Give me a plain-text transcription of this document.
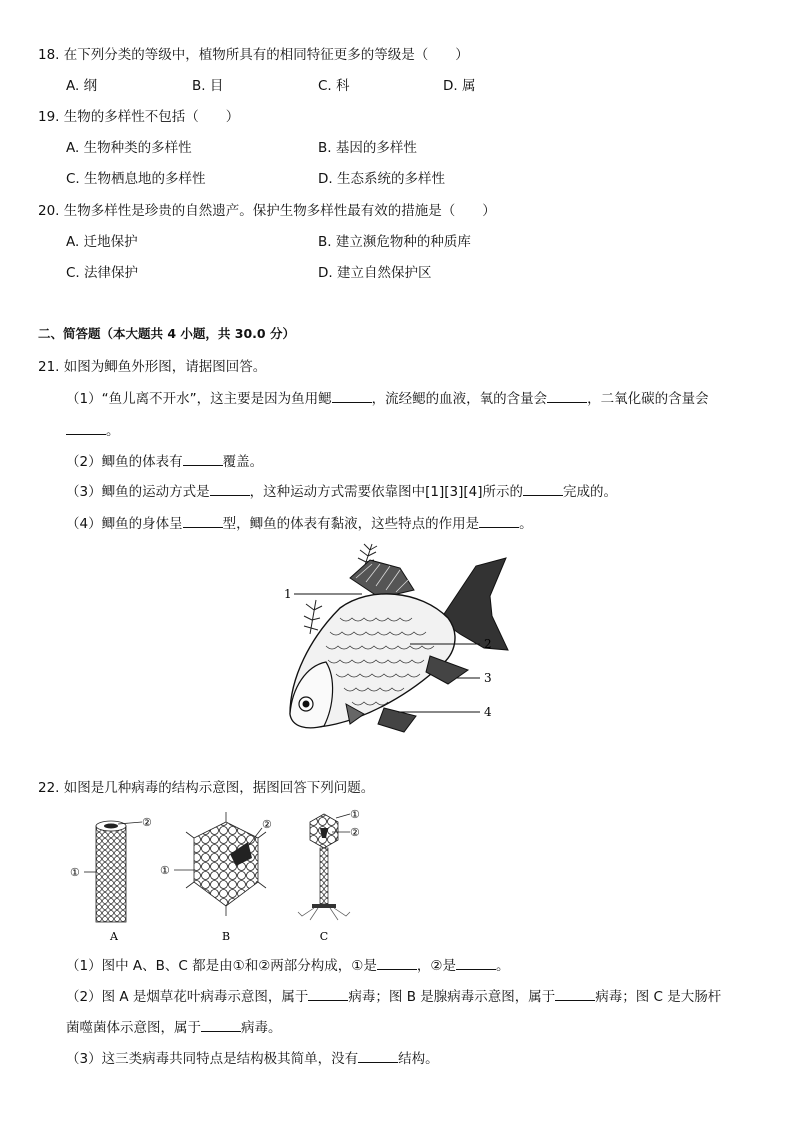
18. 在下列分类的等级中，植物所具有的相同特征更多的等级是（　　）
A. 纲	B. 目	C. 科	D. 属
19. 生物的多样性不包括（　　）
A. 生物种类的多样性	B. 基因的多样性
C. 生物栖息地的多样性	D. 生态系统的多样性
20. 生物多样性是珍贵的自然遗产。保护生物多样性最有效的措施是（　　）
A. 迁地保护	B. 建立濒危物种的种质库
C. 法律保护	D. 建立自然保护区
二、简答题（本大题共 4 小题，共 30.0 分）
21. 如图为鲫鱼外形图，请据图回答。
（1）“鱼儿离不开水”，这主要是因为鱼用鳃	，流经鳃的血液，氧的含量会	，二氧化碳的含量会
。
（2）鲫鱼的体表有	覆盖。
（3）鲫鱼的运动方式是	，这种运动方式需要依靠图中[1][3][4]所示的	完成的。
（4）鲫鱼的身体呈	型，鲫鱼的体表有黏液，这些特点的作用是	。
1
2
3
4
22. 如图是几种病毒的结构示意图，据图回答下列问题。
②
①
A
②
①
B
①
②
C
（1）图中 A、B、C 都是由①和②两部分构成，①是	，②是	。
（2）图 A 是烟草花叶病毒示意图，属于	病毒；图 B 是腺病毒示意图，属于	病毒；图 C 是大肠杆
菌噬菌体示意图，属于	病毒。
（3）这三类病毒共同特点是结构极其简单，没有	结构。
